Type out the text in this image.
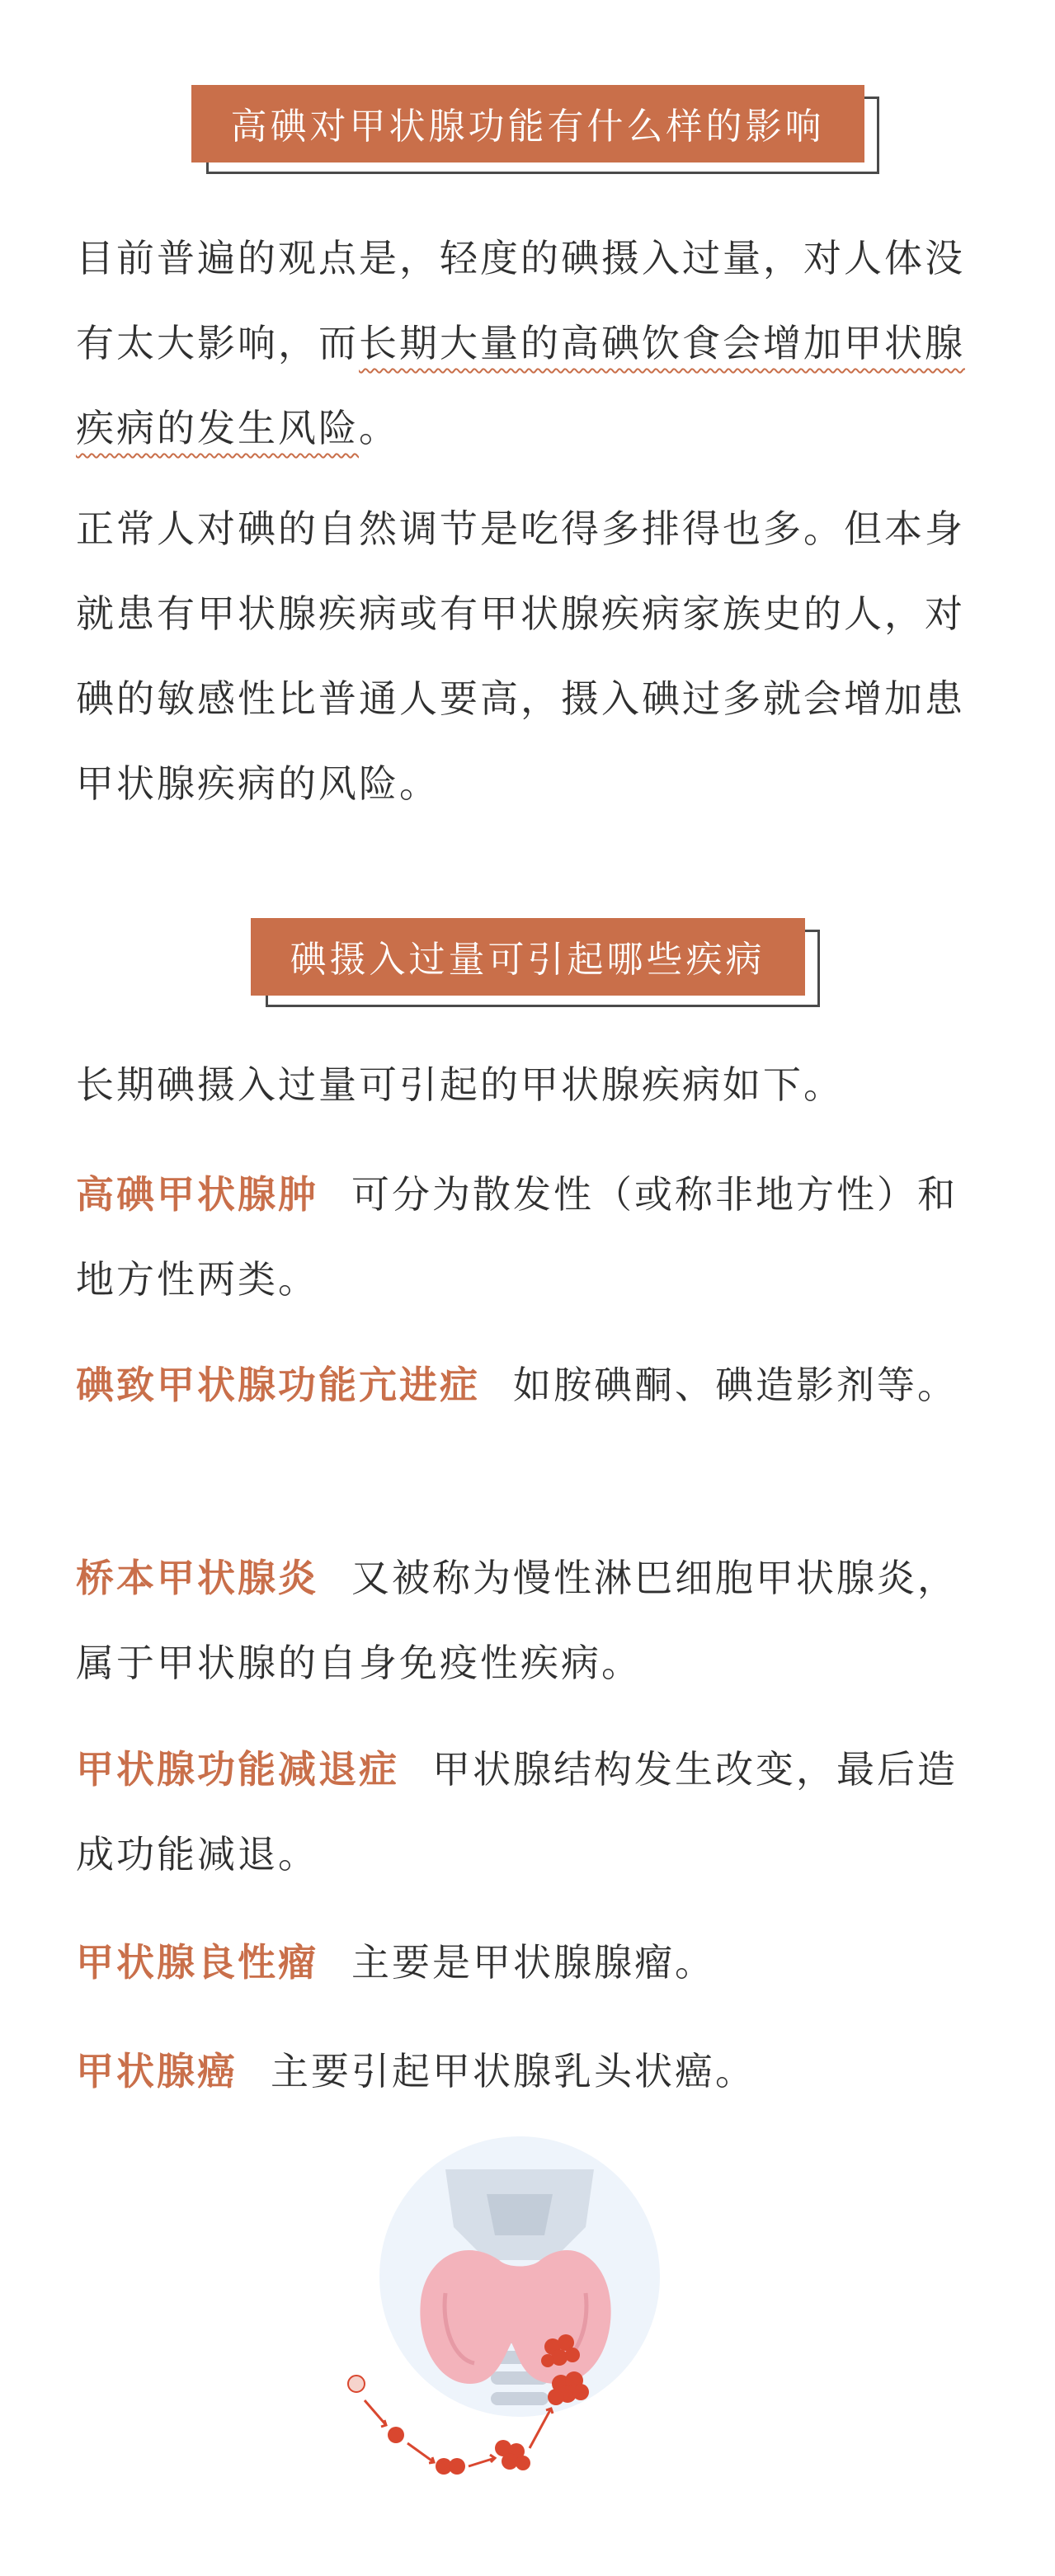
高碘对甲状腺功能有什么样的影响

目前普遍的观点是，轻度的碘摄入过量，对人体没有太大影响，而长期大量的高碘饮食会增加甲状腺疾病的发生风险。

正常人对碘的自然调节是吃得多排得也多。但本身就患有甲状腺疾病或有甲状腺疾病家族史的人，对碘的敏感性比普通人要高，摄入碘过多就会增加患甲状腺疾病的风险。

碘摄入过量可引起哪些疾病

长期碘摄入过量可引起的甲状腺疾病如下。

高碘甲状腺肿 可分为散发性（或称非地方性）和地方性两类。

碘致甲状腺功能亢进症 如胺碘酮、碘造影剂等。

桥本甲状腺炎 又被称为慢性淋巴细胞甲状腺炎，属于甲状腺的自身免疫性疾病。

甲状腺功能减退症 甲状腺结构发生改变，最后造成功能减退。

甲状腺良性瘤 主要是甲状腺腺瘤。

甲状腺癌 主要引起甲状腺乳头状癌。
